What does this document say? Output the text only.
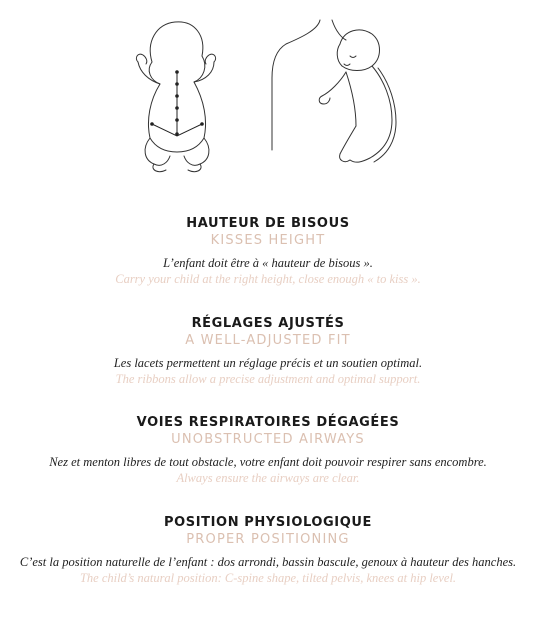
HAUTEUR DE BISOUS
KISSES HEIGHT
L’enfant doit être à « hauteur de bisous ».
Carry your child at the right height, close enough « to kiss ».
RÉGLAGES AJUSTÉS
A WELL-ADJUSTED FIT
Les lacets permettent un réglage précis et un soutien optimal.
The ribbons allow a precise adjustment and optimal support.
VOIES RESPIRATOIRES DÉGAGÉES
UNOBSTRUCTED AIRWAYS
Nez et menton libres de tout obstacle, votre enfant doit pouvoir respirer sans encombre.
Always ensure the airways are clear.
POSITION PHYSIOLOGIQUE
PROPER POSITIONING
C’est la position naturelle de l’enfant : dos arrondi, bassin bascule, genoux à hauteur des hanches.
The child’s natural position: C-spine shape, tilted pelvis, knees at hip level.
